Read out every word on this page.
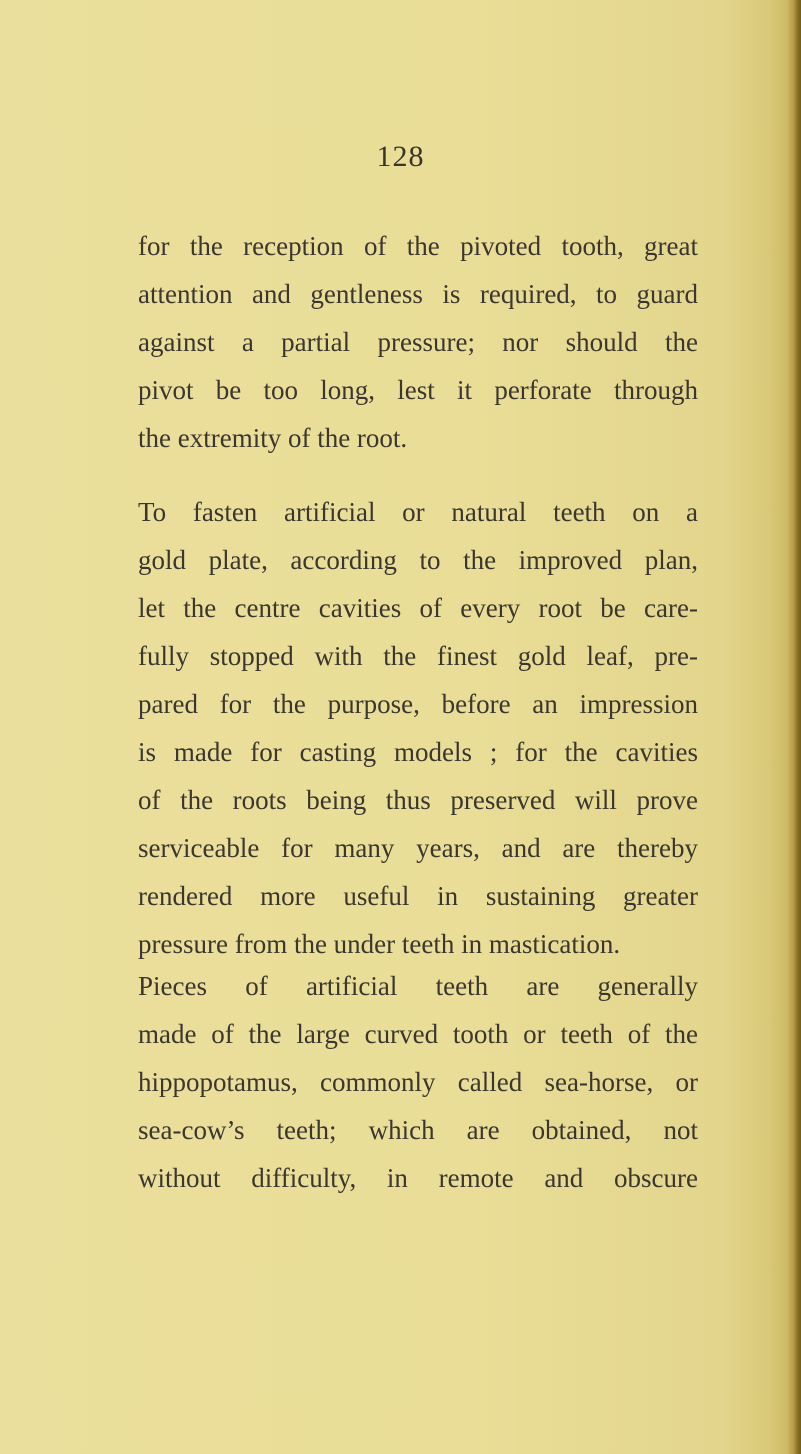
128
for the reception of the pivoted tooth, great
attention and gentleness is required, to guard
against a partial pressure; nor should the
pivot be too long, lest it perforate through
the extremity of the root.
To fasten artificial or natural teeth on a
gold plate, according to the improved plan,
let the centre cavities of every root be care-
fully stopped with the finest gold leaf, pre-
pared for the purpose, before an impression
is made for casting models ; for the cavities
of the roots being thus preserved will prove
serviceable for many years, and are thereby
rendered more useful in sustaining greater
pressure from the under teeth in mastication.
Pieces of artificial teeth are generally
made of the large curved tooth or teeth of the
hippopotamus, commonly called sea-horse, or
sea-cow’s teeth; which are obtained, not
without difficulty, in remote and obscure
